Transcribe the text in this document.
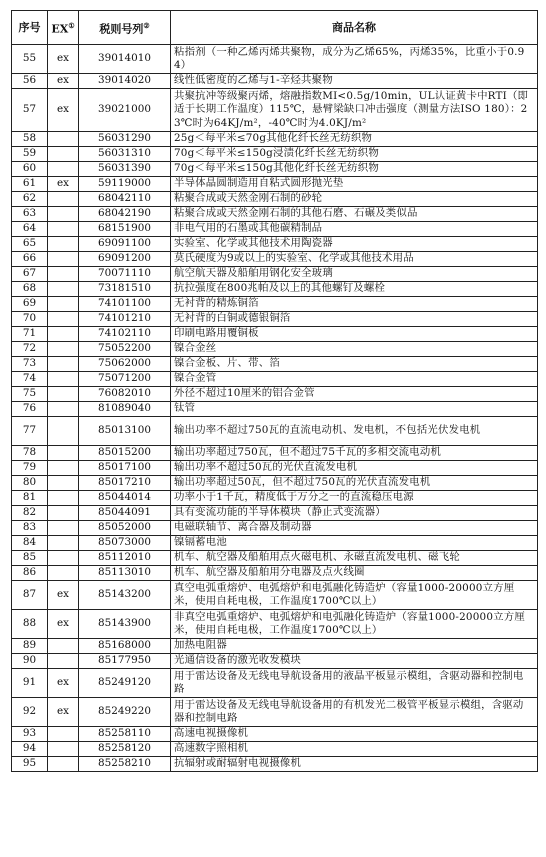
序号	EX①	税则号列②	商品名称
55	ex	39014010	粘指剂（一种乙烯丙烯共聚物，成分为乙烯65%，丙烯35%，比重小于0.94）
56	ex	39014020	线性低密度的乙烯与1-辛烃共聚物
57	ex	39021000	共聚抗冲等级聚丙烯，熔融指数MI<0.5g/10min，UL认证黄卡中RTI（即适于长期工作温度）115℃，悬臂梁缺口冲击强度（测量方法ISO 180）：23℃时为64KJ/m²，-40℃时为4.0KJ/m²
58		56031290	25g＜每平米≤70g其他化纤长丝无纺织物
59		56031310	70g＜每平米≤150g浸渍化纤长丝无纺织物
60		56031390	70g＜每平米≤150g其他化纤长丝无纺织物
61	ex	59119000	半导体晶圆制造用自粘式圆形抛光垫
62		68042110	粘聚合成或天然金刚石制的砂轮
63		68042190	粘聚合成或天然金刚石制的其他石磨、石碾及类似品
64		68151900	非电气用的石墨或其他碳精制品
65		69091100	实验室、化学或其他技术用陶瓷器
66		69091200	莫氏硬度为9或以上的实验室、化学或其他技术用品
67		70071110	航空航天器及船舶用钢化安全玻璃
68		73181510	抗拉强度在800兆帕及以上的其他螺钉及螺栓
69		74101100	无衬背的精炼铜箔
70		74101210	无衬背的白铜或德银铜箔
71		74102110	印刷电路用覆铜板
72		75052200	镍合金丝
73		75062000	镍合金板、片、带、箔
74		75071200	镍合金管
75		76082010	外径不超过10厘米的铝合金管
76		81089040	钛管
77		85013100	输出功率不超过750瓦的直流电动机、发电机，不包括光伏发电机
78		85015200	输出功率超过750瓦，但不超过75千瓦的多相交流电动机
79		85017100	输出功率不超过50瓦的光伏直流发电机
80		85017210	输出功率超过50瓦，但不超过750瓦的光伏直流发电机
81		85044014	功率小于1千瓦，精度低于万分之一的直流稳压电源
82		85044091	具有变流功能的半导体模块（静止式变流器）
83		85052000	电磁联轴节、离合器及制动器
84		85073000	镍镉蓄电池
85		85112010	机车、航空器及船舶用点火磁电机、永磁直流发电机、磁飞轮
86		85113010	机车、航空器及船舶用分电器及点火线圈
87	ex	85143200	真空电弧重熔炉、电弧熔炉和电弧融化铸造炉（容量1000-20000立方厘米，使用自耗电极，工作温度1700℃以上）
88	ex	85143900	非真空电弧重熔炉、电弧熔炉和电弧融化铸造炉（容量1000-20000立方厘米，使用自耗电极，工作温度1700℃以上）
89		85168000	加热电阻器
90		85177950	光通信设备的激光收发模块
91	ex	85249120	用于雷达设备及无线电导航设备用的液晶平板显示模组，含驱动器和控制电路
92	ex	85249220	用于雷达设备及无线电导航设备用的有机发光二极管平板显示模组，含驱动器和控制电路
93		85258110	高速电视摄像机
94		85258120	高速数字照相机
95		85258210	抗辐射或耐辐射电视摄像机
